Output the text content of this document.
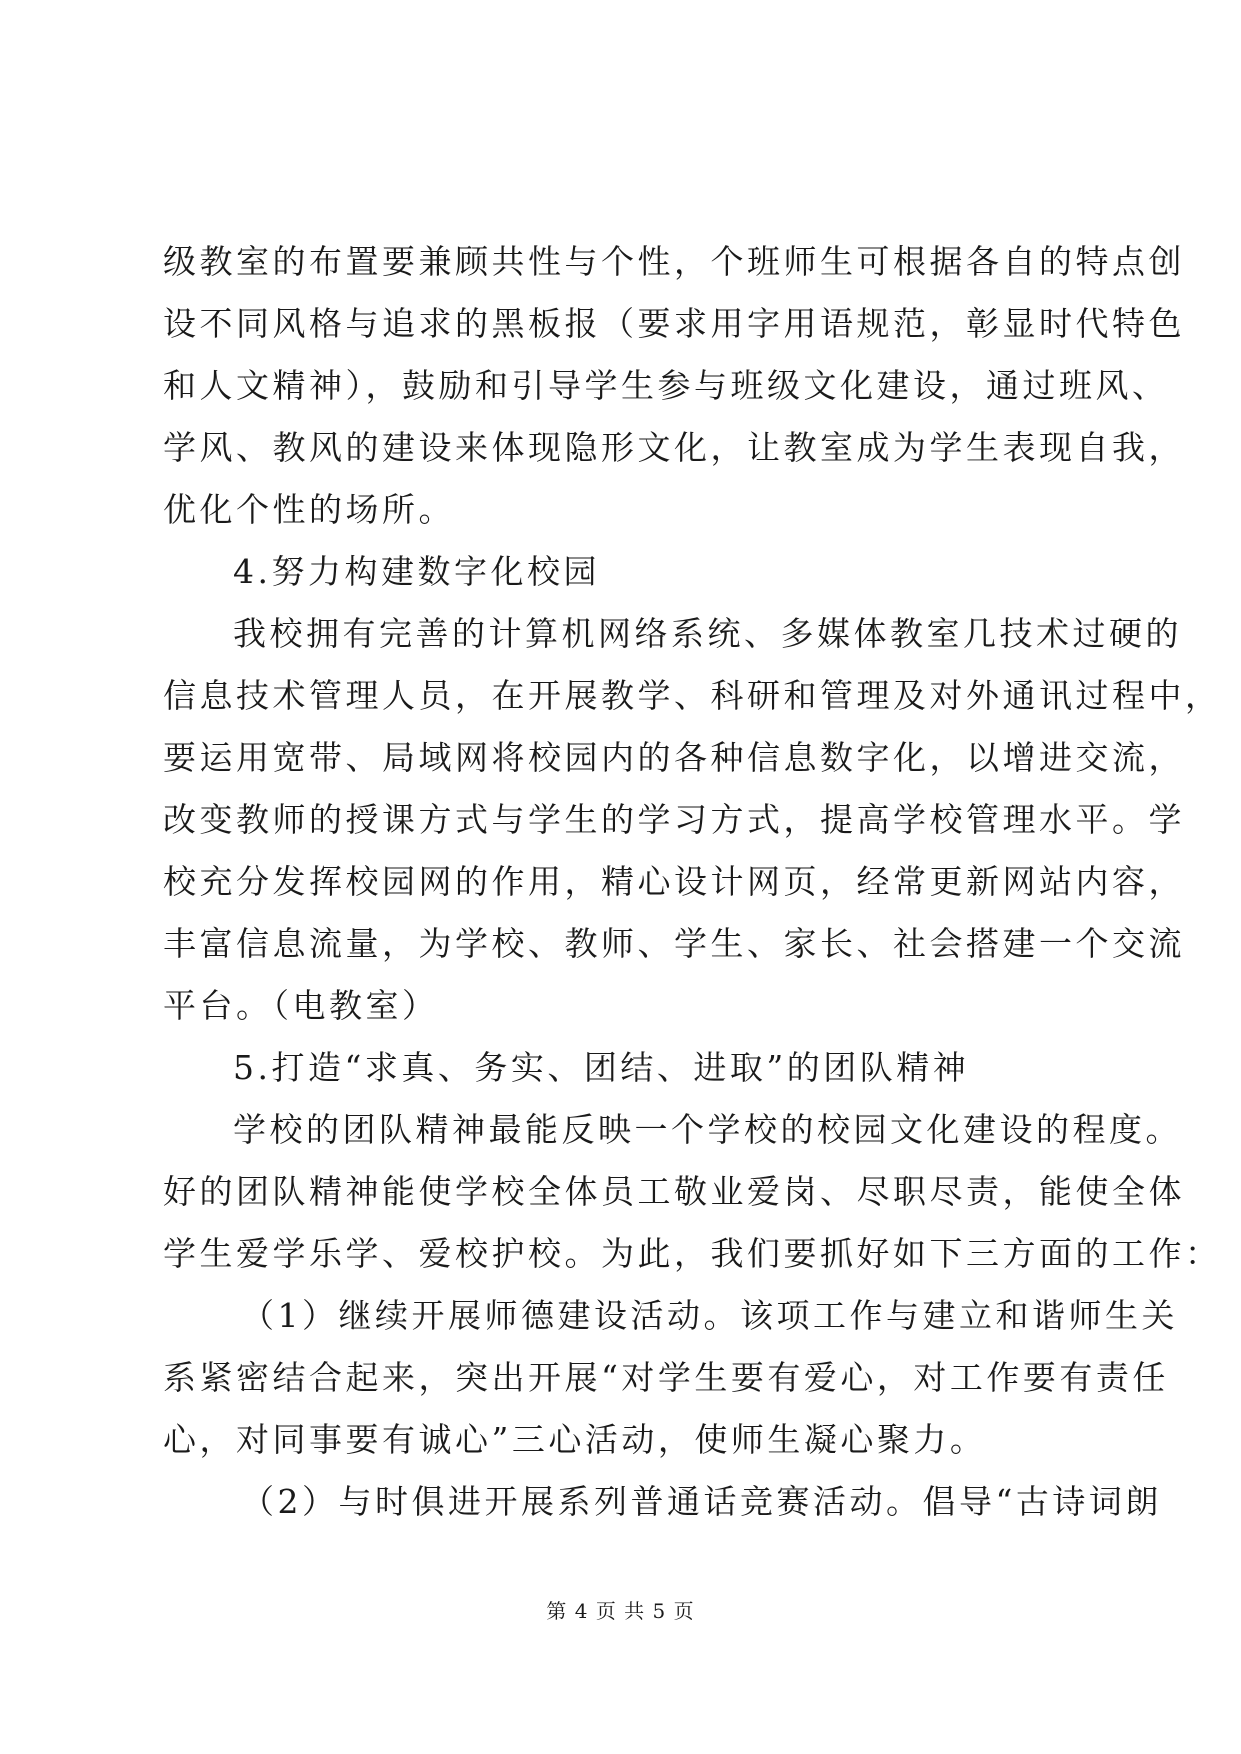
级教室的布置要兼顾共性与个性，个班师生可根据各自的特点创
设不同风格与追求的黑板报（要求用字用语规范，彰显时代特色
和人文精神），鼓励和引导学生参与班级文化建设，通过班风、
学风、教风的建设来体现隐形文化，让教室成为学生表现自我，
优化个性的场所。
4.努力构建数字化校园
我校拥有完善的计算机网络系统、多媒体教室几技术过硬的
信息技术管理人员，在开展教学、科研和管理及对外通讯过程中，
要运用宽带、局域网将校园内的各种信息数字化，以增进交流，
改变教师的授课方式与学生的学习方式，提高学校管理水平。学
校充分发挥校园网的作用，精心设计网页，经常更新网站内容，
丰富信息流量，为学校、教师、学生、家长、社会搭建一个交流
平台。（电教室）
5.打造“求真、务实、团结、进取”的团队精神
学校的团队精神最能反映一个学校的校园文化建设的程度。
好的团队精神能使学校全体员工敬业爱岗、尽职尽责，能使全体
学生爱学乐学、爱校护校。为此，我们要抓好如下三方面的工作：
（1）继续开展师德建设活动。该项工作与建立和谐师生关
系紧密结合起来，突出开展“对学生要有爱心，对工作要有责任
心，对同事要有诚心”三心活动，使师生凝心聚力。
（2）与时俱进开展系列普通话竞赛活动。倡导“古诗词朗
第 4 页 共 5 页
